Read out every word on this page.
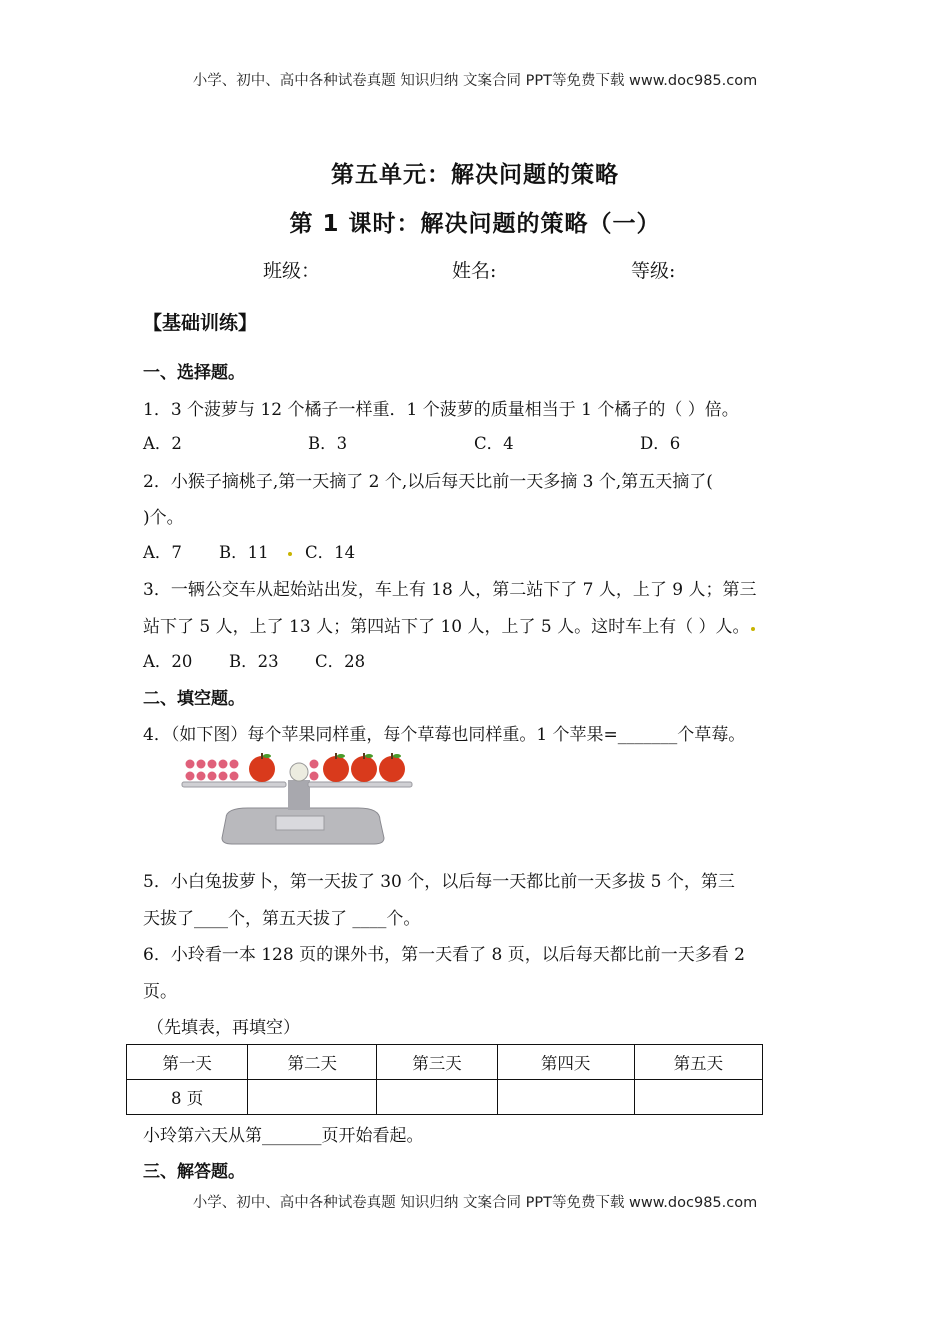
小学、初中、高中各种试卷真题 知识归纳 文案合同 PPT等免费下载 www.doc985.com
第五单元：解决问题的策略
第 1 课时：解决问题的策略（一）
班级：	姓名:	等级:
【基础训练】
一、选择题。
1．3 个菠萝与 12 个橘子一样重．1 个菠萝的质量相当于 1 个橘子的（ ）倍。
A．2	B．3	C．4	D．6
2．小猴子摘桃子,第一天摘了 2 个,以后每天比前一天多摘 3 个,第五天摘了(
)个。
A．7 B．11 C．14
3．一辆公交车从起始站出发，车上有 18 人，第二站下了 7 人，上了 9 人；第三
站下了 5 人，上了 13 人；第四站下了 10 人，上了 5 人。这时车上有（ ）人。
A．20 B．23 C．28
二、填空题。
4．（如下图）每个苹果同样重，每个草莓也同样重。1 个苹果=_______个草莓。
5．小白兔拔萝卜，第一天拔了 30 个，以后每一天都比前一天多拔 5 个，第三
天拔了____个，第五天拔了 ____个。
6．小玲看一本 128 页的课外书，第一天看了 8 页，以后每天都比前一天多看 2
页。
（先填表，再填空）
第一天	第二天	第三天	第四天	第五天
8 页				
小玲第六天从第_______页开始看起。
三、解答题。
小学、初中、高中各种试卷真题 知识归纳 文案合同 PPT等免费下载 www.doc985.com
